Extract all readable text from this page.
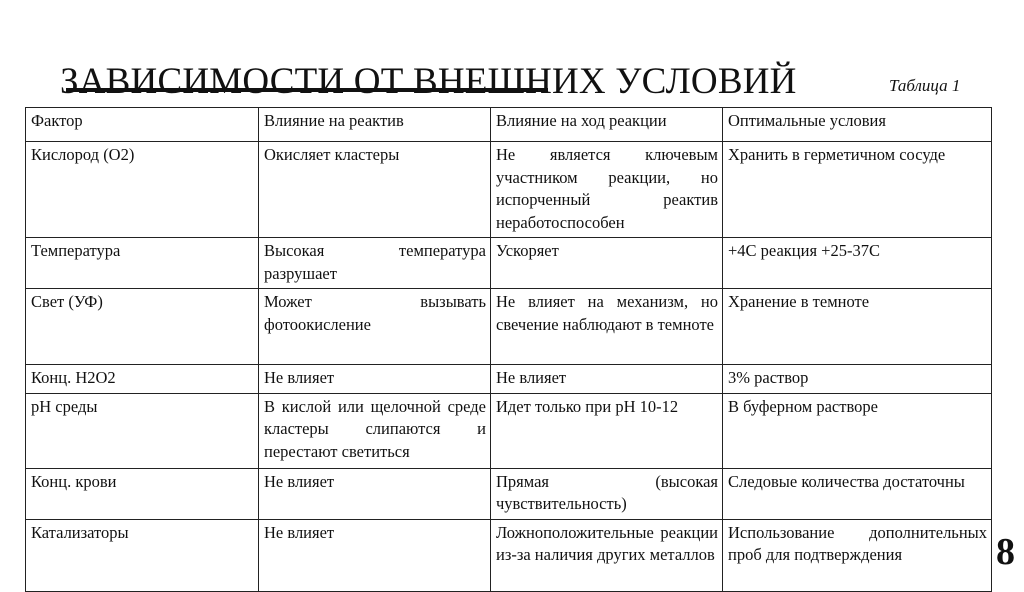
ЗАВИСИМОСТИ ОТ ВНЕШНИХ УСЛОВИЙ	Таблица 1
Фактор	Влияние на реактив	Влияние на ход реакции	Оптимальные условия
Кислород (О2)	Окисляет кластеры	Не является ключевым участником реакции, но испорченный реактив неработоспособен	Хранить в герметичном сосуде
Температура	Высокая температура разрушает	Ускоряет	+4С реакция +25-37С
Свет (УФ)	Может вызывать фотоокисление	Не влияет на механизм, но свечение наблюдают в темноте	Хранение в темноте
Конц. Н2О2	Не влияет	Не влияет	3% раствор
pH среды	В кислой или щелочной среде кластеры слипаются и перестают светиться	Идет только при pH 10-12	В буферном растворе
Конц. крови	Не влияет	Прямая (высокая чувствительность)	Следовые количества достаточны
Катализаторы	Не влияет	Ложноположительные реакции из-за наличия других металлов	Использование дополнительных проб для подтверждения 8
